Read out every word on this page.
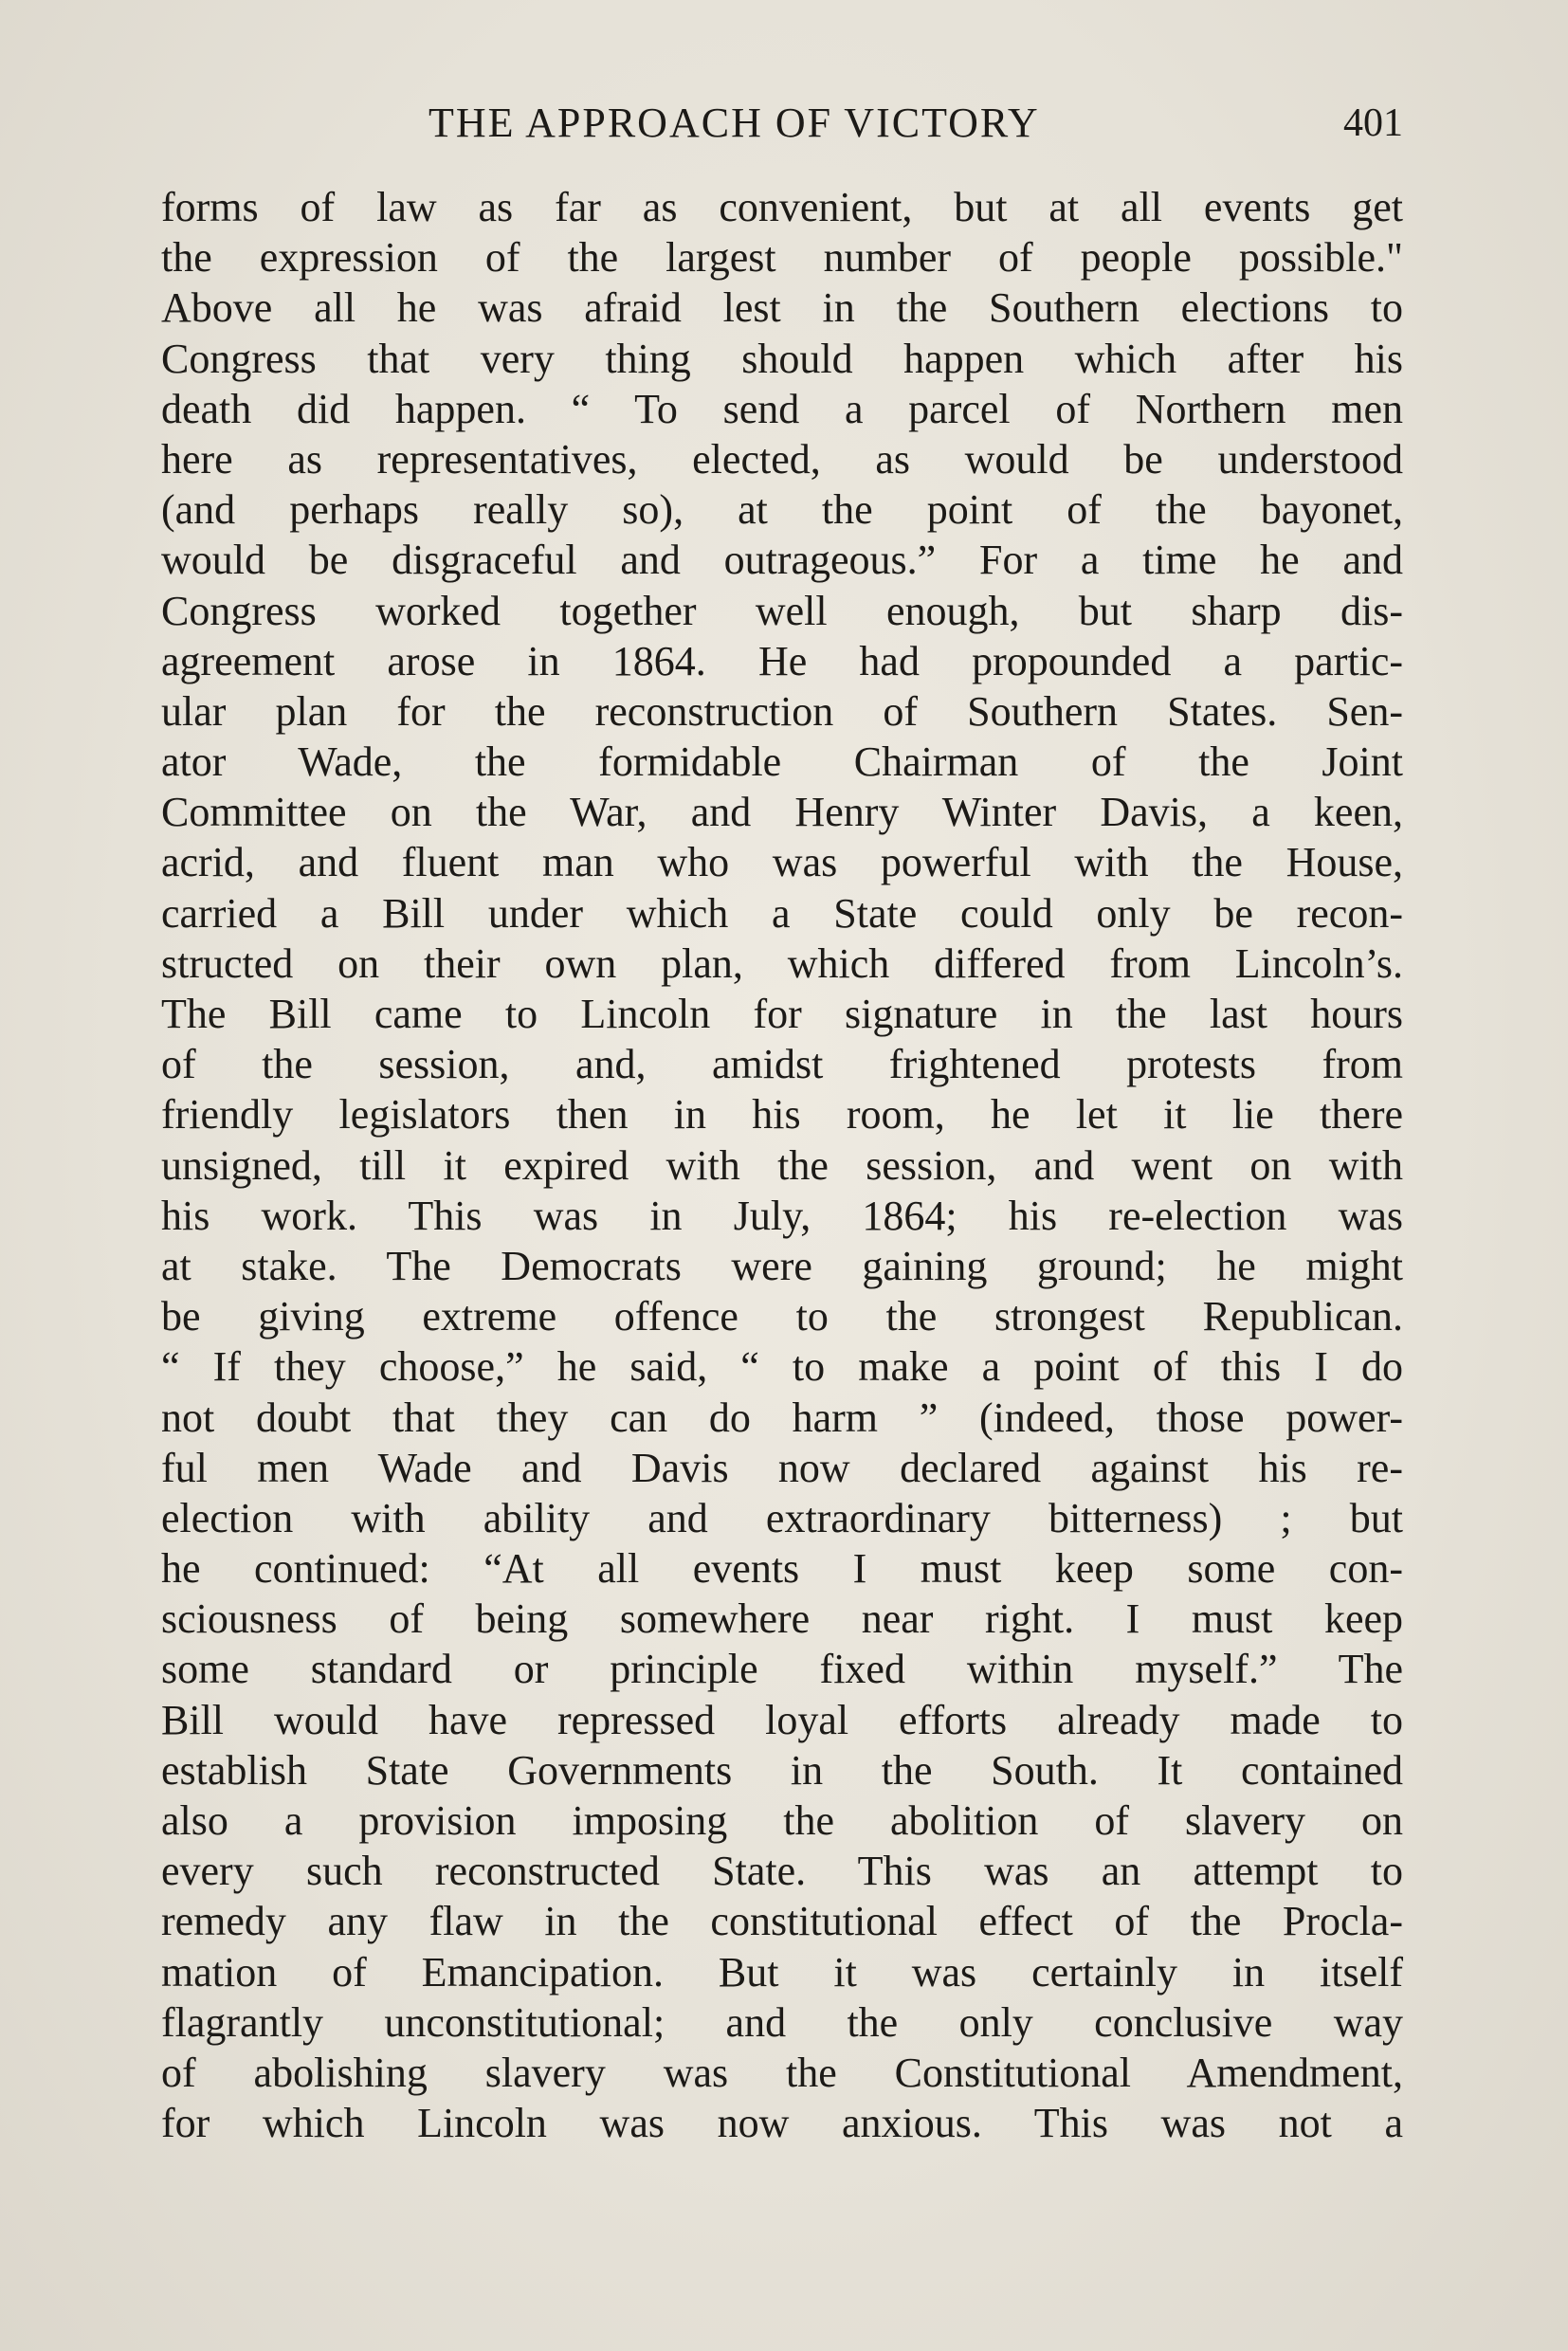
THE APPROACH OF VICTORY	401
forms of law as far as convenient, but at all events get
the expression of the largest number of people possible."
Above all he was afraid lest in the Southern elections to
Congress that very thing should happen which after his
death did happen. “ To send a parcel of Northern men
here as representatives, elected, as would be understood
(and perhaps really so), at the point of the bayonet,
would be disgraceful and outrageous.” For a time he and
Congress worked together well enough, but sharp dis-
agreement arose in 1864. He had propounded a partic-
ular plan for the reconstruction of Southern States. Sen-
ator Wade, the formidable Chairman of the Joint
Committee on the War, and Henry Winter Davis, a keen,
acrid, and fluent man who was powerful with the House,
carried a Bill under which a State could only be recon-
structed on their own plan, which differed from Lincoln’s.
The Bill came to Lincoln for signature in the last hours
of the session, and, amidst frightened protests from
friendly legislators then in his room, he let it lie there
unsigned, till it expired with the session, and went on with
his work. This was in July, 1864; his re-election was
at stake. The Democrats were gaining ground; he might
be giving extreme offence to the strongest Republican.
“ If they choose,” he said, “ to make a point of this I do
not doubt that they can do harm ” (indeed, those power-
ful men Wade and Davis now declared against his re-
election with ability and extraordinary bitterness) ; but
he continued: “At all events I must keep some con-
sciousness of being somewhere near right. I must keep
some standard or principle fixed within myself.” The
Bill would have repressed loyal efforts already made to
establish State Governments in the South. It contained
also a provision imposing the abolition of slavery on
every such reconstructed State. This was an attempt to
remedy any flaw in the constitutional effect of the Procla-
mation of Emancipation. But it was certainly in itself
flagrantly unconstitutional; and the only conclusive way
of abolishing slavery was the Constitutional Amendment,
for which Lincoln was now anxious. This was not a
